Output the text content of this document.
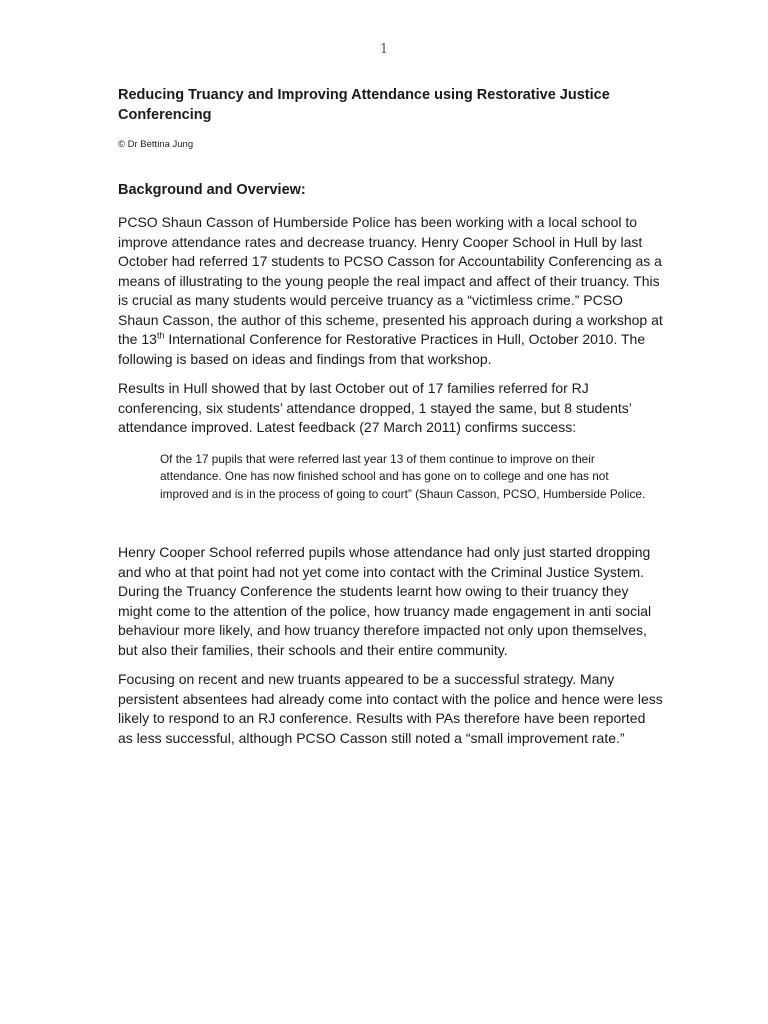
1
Reducing Truancy and Improving Attendance using Restorative Justice Conferencing
© Dr Bettina Jung
Background and Overview:

PCSO Shaun Casson of Humberside Police has been working with a local school to improve attendance rates and decrease truancy. Henry Cooper School in Hull by last October had referred 17 students to PCSO Casson for Accountability Conferencing as a means of illustrating to the young people the real impact and affect of their truancy. This is crucial as many students would perceive truancy as a “victimless crime.” PCSO Shaun Casson, the author of this scheme, presented his approach during a workshop at the 13th International Conference for Restorative Practices in Hull, October 2010. The following is based on ideas and findings from that workshop.

Results in Hull showed that by last October out of 17 families referred for RJ conferencing, six students’ attendance dropped, 1 stayed the same, but 8 students’ attendance improved. Latest feedback (27 March 2011) confirms success:

Of the 17 pupils that were referred last year 13 of them continue to improve on their attendance. One has now finished school and has gone on to college and one has not improved and is in the process of going to court” (Shaun Casson, PCSO, Humberside Police.

Henry Cooper School referred pupils whose attendance had only just started dropping and who at that point had not yet come into contact with the Criminal Justice System. During the Truancy Conference the students learnt how owing to their truancy they might come to the attention of the police, how truancy made engagement in anti social behaviour more likely, and how truancy therefore impacted not only upon themselves, but also their families, their schools and their entire community.

Focusing on recent and new truants appeared to be a successful strategy. Many persistent absentees had already come into contact with the police and hence were less likely to respond to an RJ conference. Results with PAs therefore have been reported as less successful, although PCSO Casson still noted a “small improvement rate.”
